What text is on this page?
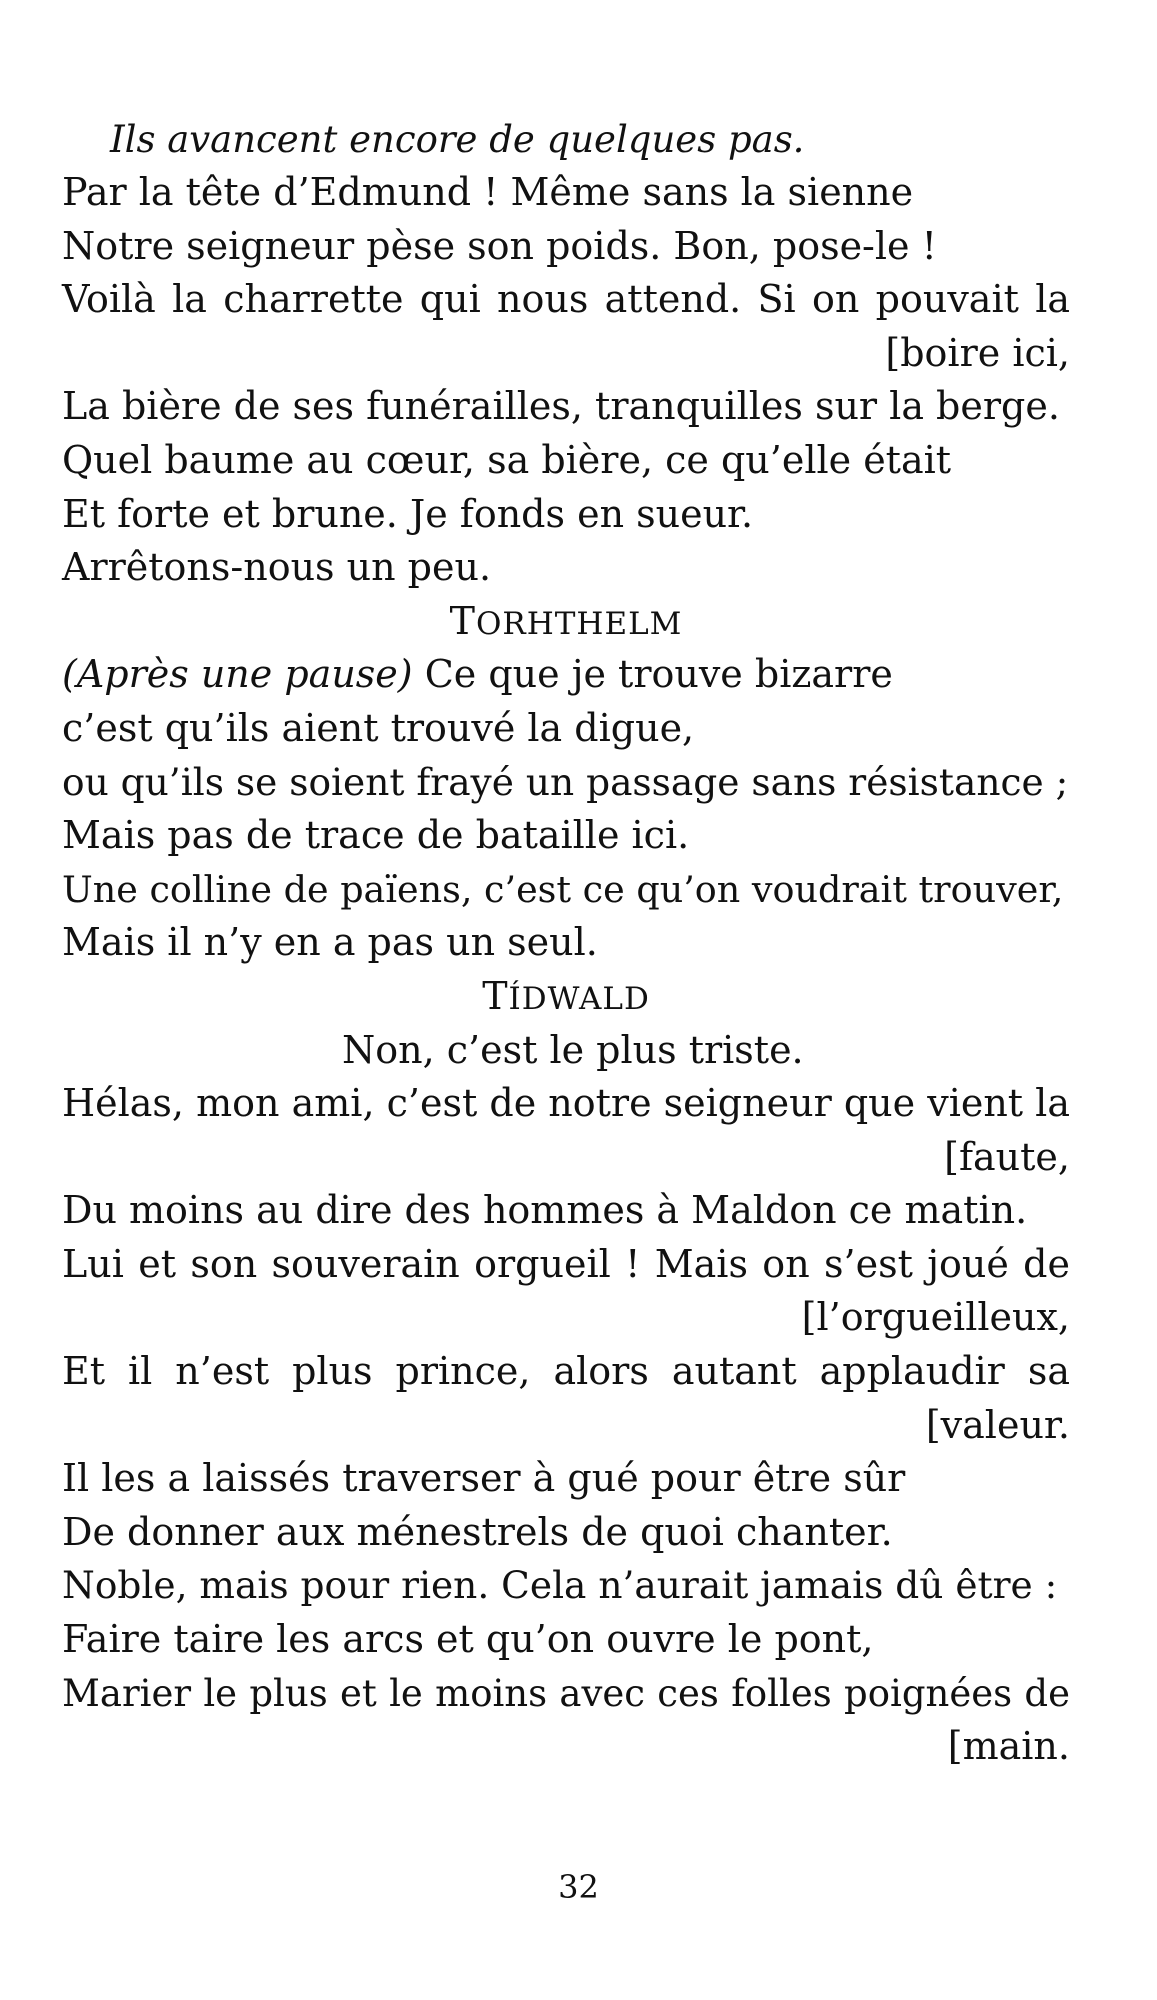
Ils avancent encore de quelques pas.
Par la tête d’Edmund ! Même sans la sienne
Notre seigneur pèse son poids. Bon, pose-le !
Voilà la charrette qui nous attend. Si on pouvait la
[boire ici,
La bière de ses funérailles, tranquilles sur la berge.
Quel baume au cœur, sa bière, ce qu’elle était
Et forte et brune. Je fonds en sueur.
Arrêtons-nous un peu.
TORHTHELM
(Après une pause) Ce que je trouve bizarre
c’est qu’ils aient trouvé la digue,
ou qu’ils se soient frayé un passage sans résistance ;
Mais pas de trace de bataille ici.
Une colline de païens, c’est ce qu’on voudrait trouver,
Mais il n’y en a pas un seul.
TÍDWALD
Non, c’est le plus triste.
Hélas, mon ami, c’est de notre seigneur que vient la
[faute,
Du moins au dire des hommes à Maldon ce matin.
Lui et son souverain orgueil ! Mais on s’est joué de
[l’orgueilleux,
Et il n’est plus prince, alors autant applaudir sa
[valeur.
Il les a laissés traverser à gué pour être sûr
De donner aux ménestrels de quoi chanter.
Noble, mais pour rien. Cela n’aurait jamais dû être :
Faire taire les arcs et qu’on ouvre le pont,
Marier le plus et le moins avec ces folles poignées de
[main.
32
